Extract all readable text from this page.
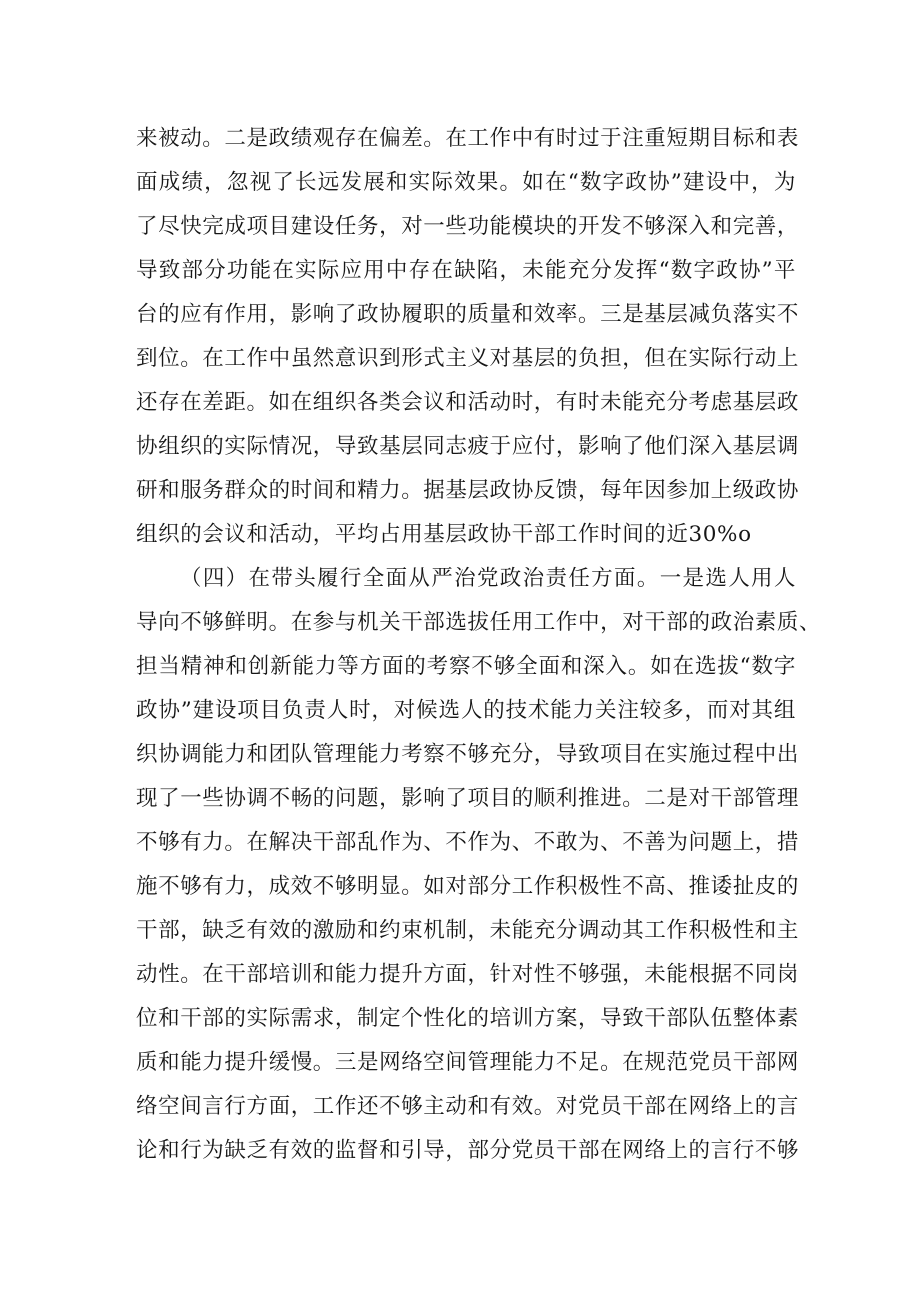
来被动。二是政绩观存在偏差。在工作中有时过于注重短期目标和表
面成绩，忽视了长远发展和实际效果。如在“数字政协”建设中，为
了尽快完成项目建设任务，对一些功能模块的开发不够深入和完善，
导致部分功能在实际应用中存在缺陷，未能充分发挥“数字政协”平
台的应有作用，影响了政协履职的质量和效率。三是基层减负落实不
到位。在工作中虽然意识到形式主义对基层的负担，但在实际行动上
还存在差距。如在组织各类会议和活动时，有时未能充分考虑基层政
协组织的实际情况，导致基层同志疲于应付，影响了他们深入基层调
研和服务群众的时间和精力。据基层政协反馈，每年因参加上级政协
组织的会议和活动，平均占用基层政协干部工作时间的近30%o
（四）在带头履行全面从严治党政治责任方面。一是选人用人
导向不够鲜明。在参与机关干部选拔任用工作中，对干部的政治素质、
担当精神和创新能力等方面的考察不够全面和深入。如在选拔“数字
政协”建设项目负责人时，对候选人的技术能力关注较多，而对其组
织协调能力和团队管理能力考察不够充分，导致项目在实施过程中出
现了一些协调不畅的问题，影响了项目的顺利推进。二是对干部管理
不够有力。在解决干部乱作为、不作为、不敢为、不善为问题上，措
施不够有力，成效不够明显。如对部分工作积极性不高、推诿扯皮的
干部，缺乏有效的激励和约束机制，未能充分调动其工作积极性和主
动性。在干部培训和能力提升方面，针对性不够强，未能根据不同岗
位和干部的实际需求，制定个性化的培训方案，导致干部队伍整体素
质和能力提升缓慢。三是网络空间管理能力不足。在规范党员干部网
络空间言行方面，工作还不够主动和有效。对党员干部在网络上的言
论和行为缺乏有效的监督和引导，部分党员干部在网络上的言行不够
